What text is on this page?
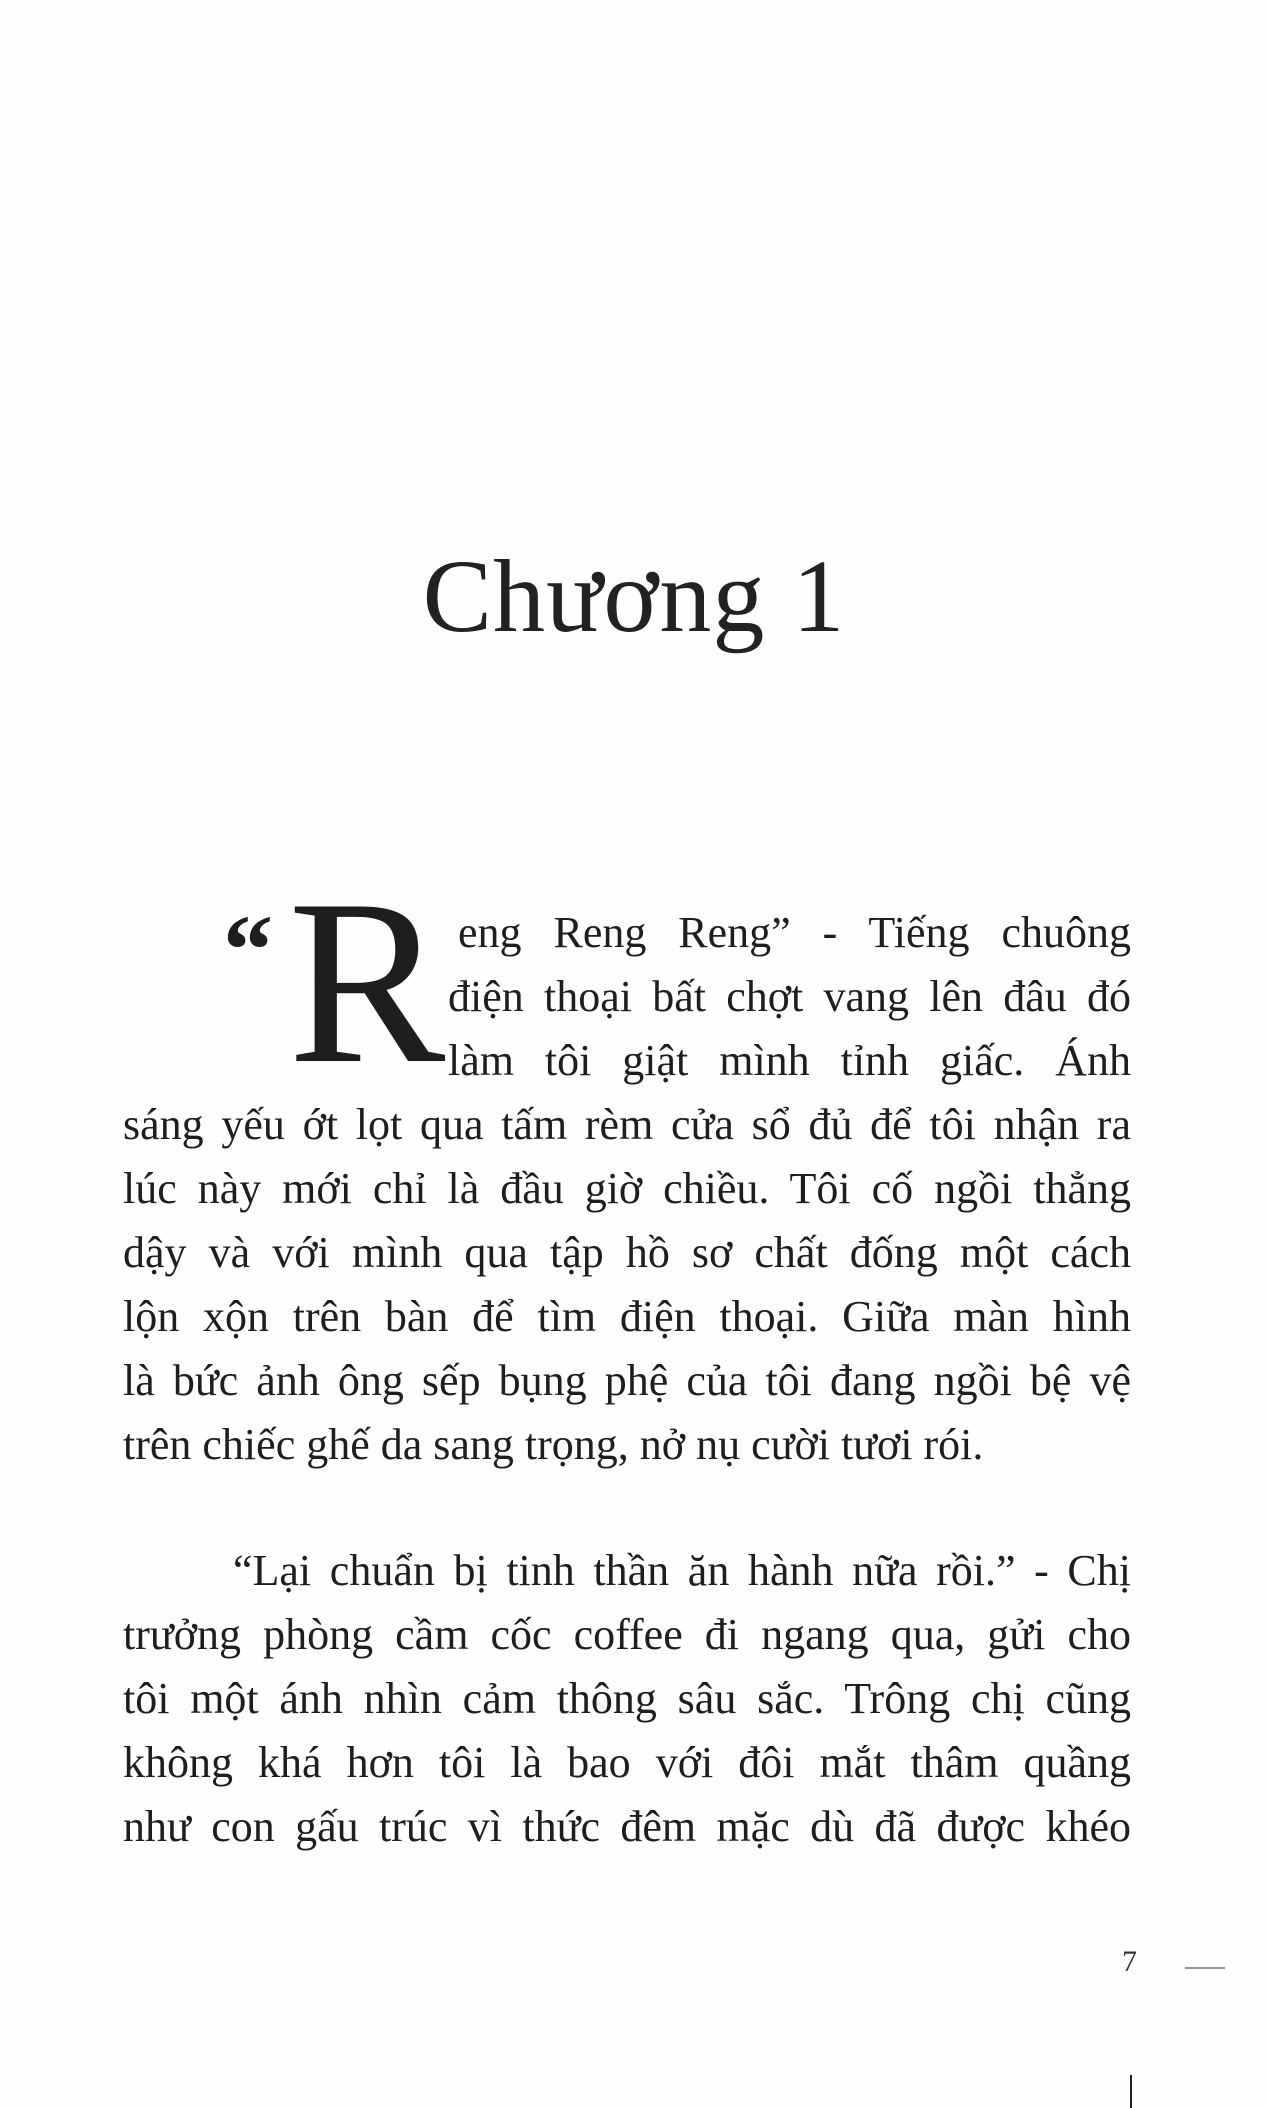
Chương 1
“ R eng Reng Reng” - Tiếng chuông
điện thoại bất chợt vang lên đâu đó
làm tôi giật mình tỉnh giấc. Ánh
sáng yếu ớt lọt qua tấm rèm cửa sổ đủ để tôi nhận ra
lúc này mới chỉ là đầu giờ chiều. Tôi cố ngồi thẳng
dậy và với mình qua tập hồ sơ chất đống một cách
lộn xộn trên bàn để tìm điện thoại. Giữa màn hình
là bức ảnh ông sếp bụng phệ của tôi đang ngồi bệ vệ
trên chiếc ghế da sang trọng, nở nụ cười tươi rói.
“Lại chuẩn bị tinh thần ăn hành nữa rồi.” - Chị
trưởng phòng cầm cốc coffee đi ngang qua, gửi cho
tôi một ánh nhìn cảm thông sâu sắc. Trông chị cũng
không khá hơn tôi là bao với đôi mắt thâm quầng
như con gấu trúc vì thức đêm mặc dù đã được khéo
7
